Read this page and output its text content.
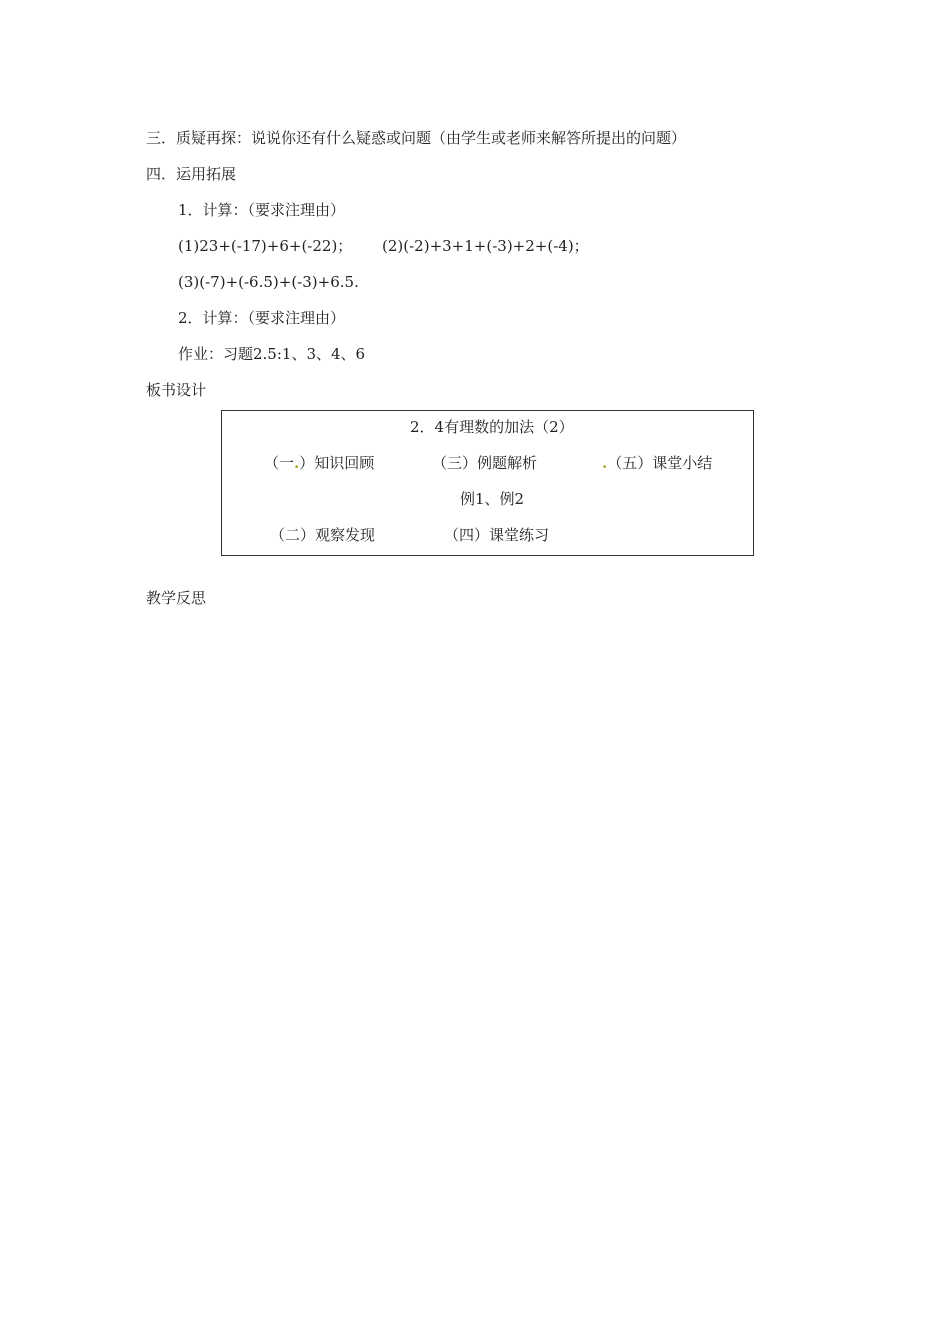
三．质疑再探：说说你还有什么疑惑或问题（由学生或老师来解答所提出的问题）
四．运用拓展
1．计算：（要求注理由）
(1)23+(-17)+6+(-22)； (2)(-2)+3+1+(-3)+2+(-4)；
(3)(-7)+(-6.5)+(-3)+6.5.
2．计算：（要求注理由）
作业：习题2.5:1、3、4、6
板书设计
2．4有理数的加法（2）
（一.）知识回顾	（三）例题解析	.（五）课堂小结
例1、例2
（二）观察发现	（四）课堂练习
教学反思
